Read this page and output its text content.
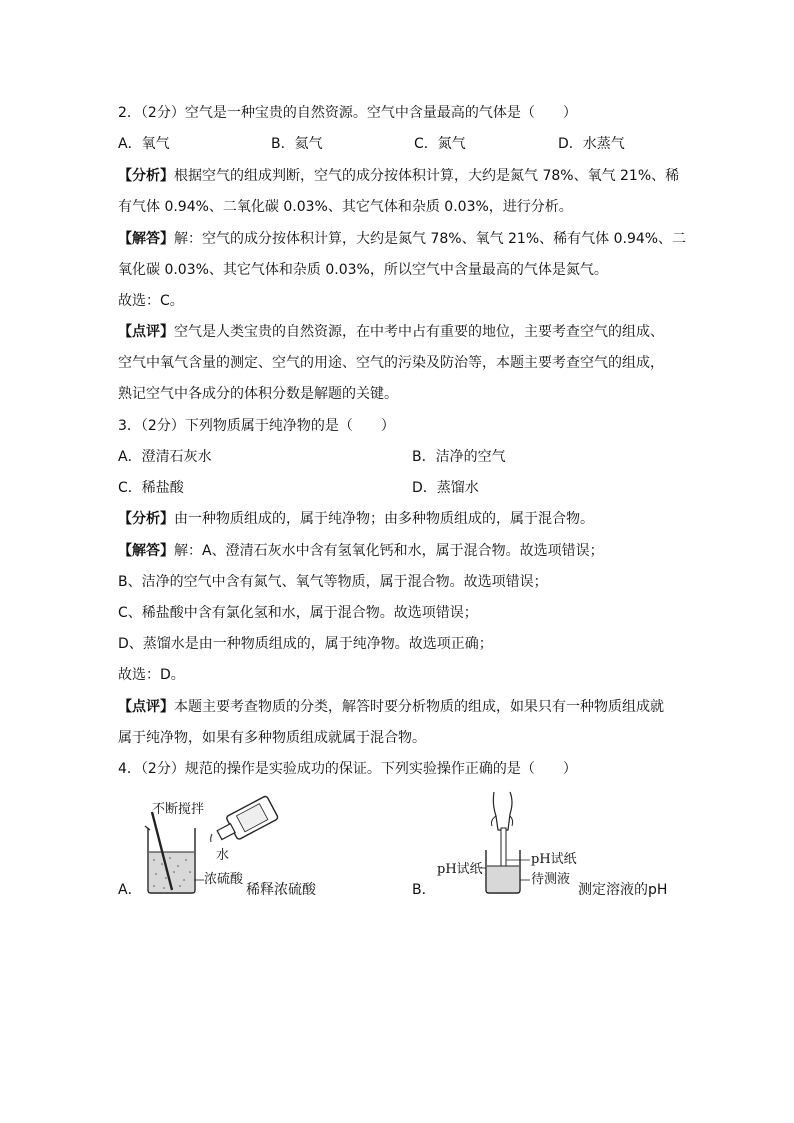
2．（2分）空气是一种宝贵的自然资源。空气中含量最高的气体是（　　）
A．氧气	B．氦气	C．氮气	D．水蒸气
【分析】根据空气的组成判断，空气的成分按体积计算，大约是氮气 78%、氧气 21%、稀
有气体 0.94%、二氧化碳 0.03%、其它气体和杂质 0.03%，进行分析。
【解答】解：空气的成分按体积计算，大约是氮气 78%、氧气 21%、稀有气体 0.94%、二
氧化碳 0.03%、其它气体和杂质 0.03%，所以空气中含量最高的气体是氮气。
故选：C。
【点评】空气是人类宝贵的自然资源，在中考中占有重要的地位，主要考查空气的组成、
空气中氧气含量的测定、空气的用途、空气的污染及防治等，本题主要考查空气的组成，
熟记空气中各成分的体积分数是解题的关键。
3．（2分）下列物质属于纯净物的是（　　）
A．澄清石灰水	B．洁净的空气
C．稀盐酸	D．蒸馏水
【分析】由一种物质组成的，属于纯净物；由多种物质组成的，属于混合物。
【解答】解：A、澄清石灰水中含有氢氧化钙和水，属于混合物。故选项错误；
B、洁净的空气中含有氮气、氧气等物质，属于混合物。故选项错误；
C、稀盐酸中含有氯化氢和水，属于混合物。故选项错误；
D、蒸馏水是由一种物质组成的，属于纯净物。故选项正确；
故选：D。
【点评】本题主要考查物质的分类，解答时要分析物质的组成，如果只有一种物质组成就
属于纯净物，如果有多种物质组成就属于混合物。
4．（2分）规范的操作是实验成功的保证。下列实验操作正确的是（　　）
A．
不断搅拌
水
浓硫酸
稀释浓硫酸	B．
pH试纸
pH试纸
待测液
测定溶液的pH
